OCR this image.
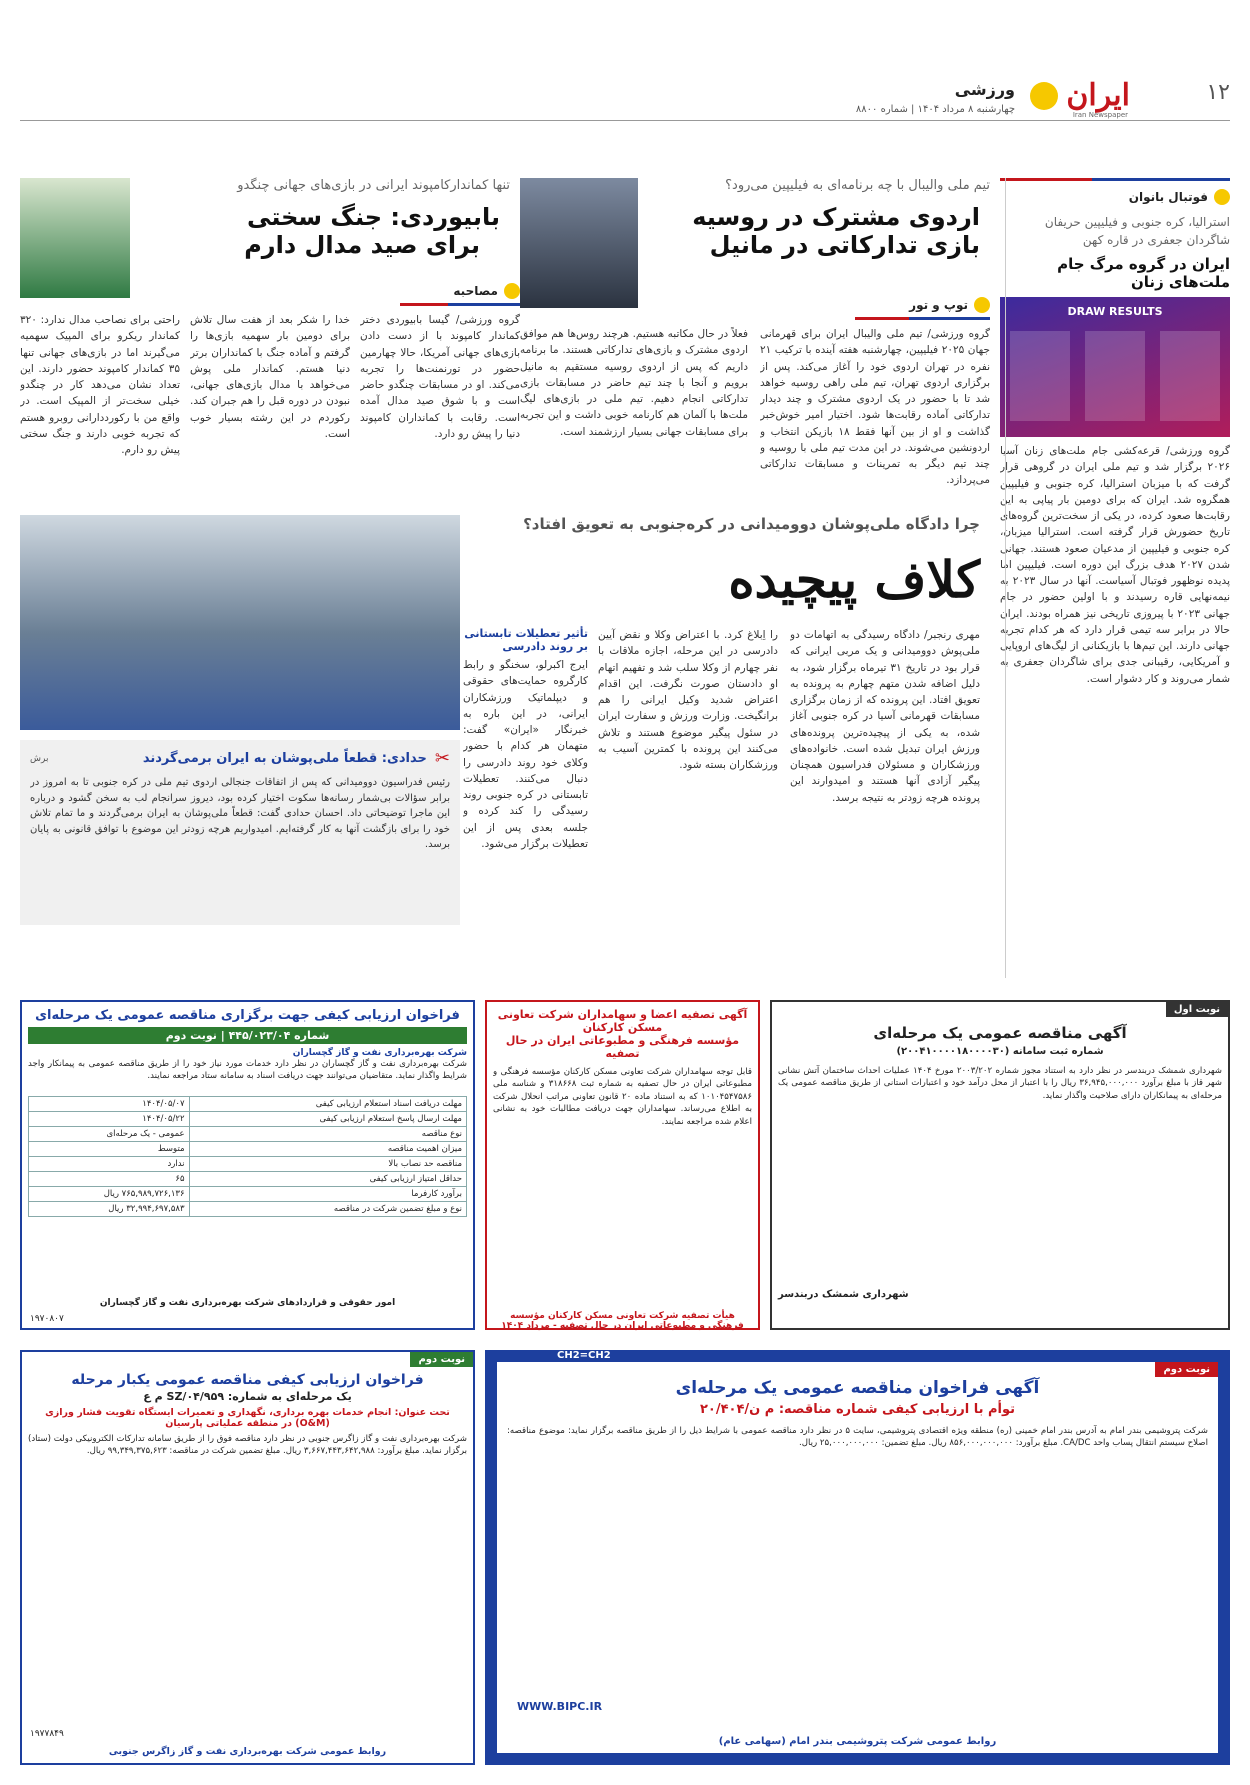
۱۲
ورزشی
چهارشنبه ۸ مرداد ۱۴۰۴ | شماره ۸۸۰۰ ایران
Iran Newspaper
فوتبال بانوان
استرالیا، کره جنوبی و فیلیپین حریفان شاگردان جعفری در قاره کهن
ایران در گروه مرگ جام ملت‌های زنان
DRAW RESULTS
گروه ورزشی/ قرعه‌کشی جام ملت‌های زنان آسیا ۲۰۲۶ برگزار شد و تیم ملی ایران در گروهی قرار گرفت که با میزبان استرالیا، کره جنوبی و فیلیپین همگروه شد. ایران که برای دومین بار پیاپی به این رقابت‌ها صعود کرده، در یکی از سخت‌ترین گروه‌های تاریخ حضورش قرار گرفته است. استرالیا میزبان، کره جنوبی و فیلیپین از مدعیان صعود هستند. جهانی شدن ۲۰۲۷ هدف بزرگ این دوره است. فیلیپین اما پدیده نوظهور فوتبال آسیاست. آنها در سال ۲۰۲۳ به نیمه‌نهایی قاره رسیدند و با اولین حضور در جام جهانی ۲۰۲۳ با پیروزی تاریخی نیز همراه بودند. ایران حالا در برابر سه تیمی قرار دارد که هر کدام تجربه جهانی دارند. این تیم‌ها با بازیکنانی از لیگ‌های اروپایی و آمریکایی، رقیبانی جدی برای شاگردان جعفری به شمار می‌روند و کار دشوار است.
تیم ملی والیبال با چه برنامه‌ای به فیلیپین می‌رود؟
اردوی مشترک در روسیه
بازی تدارکاتی در مانیل
توپ و تور
گروه ورزشی/ تیم ملی والیبال ایران برای قهرمانی جهان ۲۰۲۵ فیلیپین، چهارشنبه هفته آینده با ترکیب ۲۱ نفره در تهران اردوی خود را آغاز می‌کند. پس از برگزاری اردوی تهران، تیم ملی راهی روسیه خواهد شد تا با حضور در یک اردوی مشترک و چند دیدار تدارکاتی آماده رقابت‌ها شود. اختیار امیر خوش‌خبر گذاشت و او از بین آنها فقط ۱۸ بازیکن انتخاب و اردونشین می‌شوند. در این مدت تیم ملی با روسیه و چند تیم دیگر به تمرینات و مسابقات تدارکاتی می‌پردازد.
فعلاً در حال مکاتبه هستیم. هرچند روس‌ها هم موافق اردوی مشترک و بازی‌های تدارکاتی هستند. ما برنامه داریم که پس از اردوی روسیه مستقیم به مانیل برویم و آنجا با چند تیم حاضر در مسابقات بازی تدارکاتی انجام دهیم. تیم ملی در بازی‌های لیگ ملت‌ها با آلمان هم کارنامه خوبی داشت و این تجربه برای مسابقات جهانی بسیار ارزشمند است.
تنها کماندارکامپوند ایرانی در بازی‌های جهانی چنگدو
بابیوردی: جنگ سختی
برای صید مدال دارم
مصاحبه
گروه ورزشی/ گیسا بابیوردی دختر کماندار کامپوند با از دست دادن بازی‌های جهانی آمریکا، حالا چهارمین حضور در تورنمنت‌ها را تجربه می‌کند. او در مسابقات چنگدو حاضر است و با شوق صید مدال آمده است. رقابت با کمانداران کامپوند دنیا را پیش رو دارد.
خدا را شکر بعد از هفت سال تلاش برای دومین بار سهمیه بازی‌ها را گرفتم و آماده جنگ با کمانداران برتر دنیا هستم. کماندار ملی پوش می‌خواهد با مدال بازی‌های جهانی، نبودن در دوره قبل را هم جبران کند. رکوردم در این رشته بسیار خوب است.
راحتی برای نصاحب مدال ندارد: ۳۲۰ کماندار ریکرو برای المپیک سهمیه می‌گیرند اما در بازی‌های جهانی تنها ۳۵ کماندار کامپوند حضور دارند. این تعداد نشان می‌دهد کار در چنگدو خیلی سخت‌تر از المپیک است. در واقع من با رکورددارانی روبرو هستم که تجربه خوبی دارند و جنگ سختی پیش رو دارم.
چرا دادگاه ملی‌پوشان دوومیدانی در کره‌جنوبی به تعویق افتاد؟
کلاف پیچیده
مهری رنجبر/ دادگاه رسیدگی به اتهامات دو ملی‌پوش دوومیدانی و یک مربی ایرانی که قرار بود در تاریخ ۳۱ تیرماه برگزار شود، به دلیل اضافه شدن متهم چهارم به پرونده به تعویق افتاد. این پرونده که از زمان برگزاری مسابقات قهرمانی آسیا در کره جنوبی آغاز شده، به یکی از پیچیده‌ترین پرونده‌های ورزش ایران تبدیل شده است. خانواده‌های ورزشکاران و مسئولان فدراسیون همچنان پیگیر آزادی آنها هستند و امیدوارند این پرونده هرچه زودتر به نتیجه برسد.
را اِبلاغ کرد. با اعتراض وکلا و نقض آیین دادرسی در این مرحله، اجازه ملاقات با نفر چهارم از وکلا سلب شد و تفهیم اتهام او دادستان صورت نگرفت. این اقدام اعتراض شدید وکیل ایرانی را هم برانگیخت. وزارت ورزش و سفارت ایران در سئول پیگیر موضوع هستند و تلاش می‌کنند این پرونده با کمترین آسیب به ورزشکاران بسته شود.
تأثیر تعطیلات تابستانی
بر روند دادرسی
ایرج اکبرلو، سخنگو و رابط کارگروه حمایت‌های حقوقی و دیپلماتیک ورزشکاران ایرانی، در این باره به خبرنگار «ایران» گفت: متهمان هر کدام با حضور وکلای خود روند دادرسی را دنبال می‌کنند. تعطیلات تابستانی در کره جنوبی روند رسیدگی را کند کرده و جلسه بعدی پس از این تعطیلات برگزار می‌شود.
✂
حدادی: قطعاً ملی‌پوشان به ایران برمی‌گردند
برش
رئیس فدراسیون دوومیدانی که پس از اتفاقات جنجالی اردوی تیم ملی در کره جنوبی تا به امروز در برابر سؤالات بی‌شمار رسانه‌ها سکوت اختیار کرده بود، دیروز سرانجام لب به سخن گشود و درباره این ماجرا توضیحاتی داد. احسان حدادی گفت: قطعاً ملی‌پوشان به ایران برمی‌گردند و ما تمام تلاش خود را برای بازگشت آنها به کار گرفته‌ایم. امیدواریم هرچه زودتر این موضوع با توافق قانونی به پایان برسد.
فراخوان ارزیابی کیفی جهت برگزاری مناقصه عمومی یک مرحله‌ای
شماره ۴۴۵/۰۲۳/۰۴ | نوبت دوم
شرکت بهره‌برداری نفت و گاز گچساران
شرکت بهره‌برداری نفت و گاز گچساران در نظر دارد خدمات مورد نیاز خود را از طریق مناقصه عمومی به پیمانکار واجد شرایط واگذار نماید. متقاضیان می‌توانند جهت دریافت اسناد به سامانه ستاد مراجعه نمایند.
مهلت دریافت اسناد استعلام ارزیابی کیفی	۱۴۰۴/۰۵/۰۷
مهلت ارسال پاسخ استعلام ارزیابی کیفی	۱۴۰۴/۰۵/۲۲
نوع مناقصه	عمومی - یک مرحله‌ای
میزان اهمیت مناقصه	متوسط
مناقصه حد نصاب بالا	ندارد
حداقل امتیاز ارزیابی کیفی	۶۵
برآورد کارفرما	۷۶۵,۹۸۹,۷۲۶,۱۳۶ ریال
نوع و مبلغ تضمین شرکت در مناقصه	۳۲,۹۹۴,۶۹۷,۵۸۳ ریال
امور حقوقی و قراردادهای شرکت بهره‌برداری نفت و گاز گچساران
۱۹۷۰۸۰۷
آگهی تصفیه اعضا و سهامداران شرکت تعاونی مسکن کارکنان
مؤسسه فرهنگی و مطبوعاتی ایران در حال تصفیه
قابل توجه سهامداران شرکت تعاونی مسکن کارکنان مؤسسه فرهنگی و مطبوعاتی ایران در حال تصفیه به شماره ثبت ۳۱۸۶۶۸ و شناسه ملی ۱۰۱۰۴۵۴۷۵۸۶ که به استناد ماده ۲۰ قانون تعاونی مراتب انحلال شرکت به اطلاع می‌رساند. سهامداران جهت دریافت مطالبات خود به نشانی اعلام شده مراجعه نمایند.
هیأت تصفیه شرکت تعاونی مسکن کارکنان مؤسسه فرهنگی و مطبوعاتی ایران در حال تصفیه - مرداد ۱۴۰۴
نوبت اول
آگهی مناقصه عمومی یک مرحله‌ای
شماره ثبت سامانه (۲۰۰۴۱۰۰۰۰۱۸۰۰۰۰۳۰)
شهرداری شمشک دربندسر در نظر دارد به استناد مجوز شماره ۲۰۰۳/۲۰۲ مورخ ۱۴۰۴ عملیات احداث ساختمان آتش نشانی شهر قاز با مبلغ برآورد ۳۶,۹۴۵,۰۰۰,۰۰۰ ریال را با اعتبار از محل درآمد خود و اعتبارات استانی از طریق مناقصه عمومی یک مرحله‌ای به پیمانکاران دارای صلاحیت واگذار نماید.
شهرداری شمشک دربندسر
نوبت دوم
فراخوان ارزیابی کیفی مناقصه عمومی یکبار مرحله
یک مرحله‌ای به شماره: SZ/۰۴/۹۵۹ م ع
تحت عنوان: انجام خدمات بهره برداری، نگهداری و تعمیرات ایستگاه تقویت فشار ورازی (O&M) در منطقه عملیاتی پارسیان
شرکت بهره‌برداری نفت و گاز زاگرس جنوبی در نظر دارد مناقصه فوق را از طریق سامانه تدارکات الکترونیکی دولت (ستاد) برگزار نماید. مبلغ برآورد: ۳,۶۶۷,۴۴۳,۶۴۲,۹۸۸ ریال. مبلغ تضمین شرکت در مناقصه: ۹۹,۳۴۹,۳۷۵,۶۲۳ ریال.
روابط عمومی شرکت بهره‌برداری نفت و گاز زاگرس جنوبی
۱۹۷۷۸۴۹
نوبت دوم
CH2=CH2
آگهی فراخوان مناقصه عمومی یک مرحله‌ای
توأم با ارزیابی کیفی شماره مناقصه: م ن/۲۰/۴۰۴
شرکت پتروشیمی بندر امام به آدرس بندر امام خمینی (ره) منطقه ویژه اقتصادی پتروشیمی، سایت ۵ در نظر دارد مناقصه عمومی با شرایط ذیل را از طریق مناقصه برگزار نماید: موضوع مناقصه: اصلاح سیستم انتقال پساب واحد CA/DC. مبلغ برآورد: ۸۵۶,۰۰۰,۰۰۰,۰۰۰ ریال. مبلغ تضمین: ۲۵,۰۰۰,۰۰۰,۰۰۰ ریال.
WWW.BIPC.IR
روابط عمومی شرکت پتروشیمی بندر امام (سهامی عام)
